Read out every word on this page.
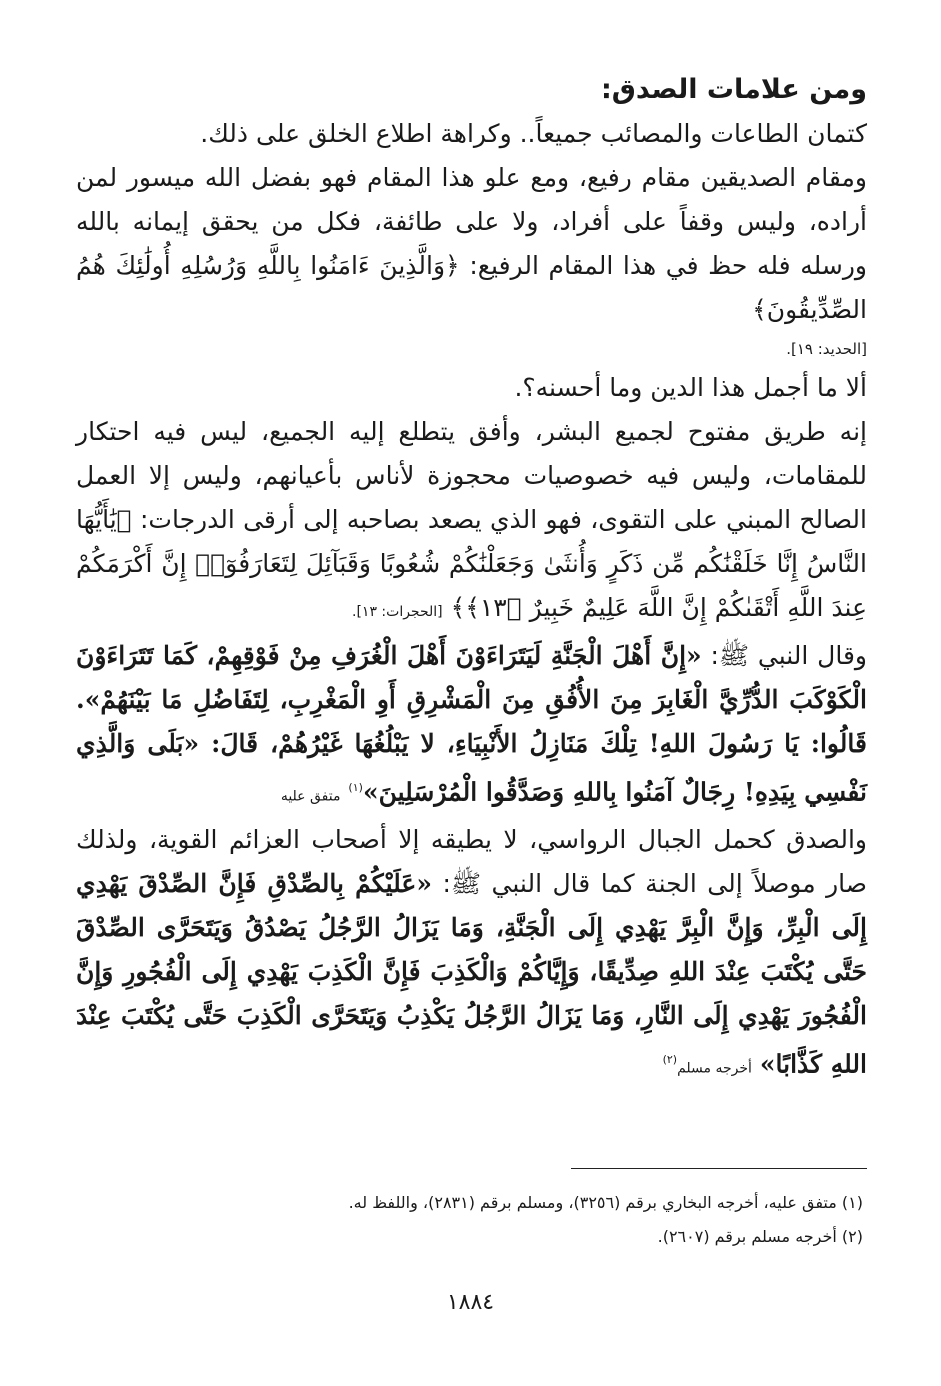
ومن علامات الصدق:

كتمان الطاعات والمصائب جميعاً.. وكراهة اطلاع الخلق على ذلك.

ومقام الصديقين مقام رفيع، ومع علو هذا المقام فهو بفضل الله ميسور لمن أراده، وليس وقفاً على أفراد، ولا على طائفة، فكل من يحقق إيمانه بالله ورسله فله حظ في هذا المقام الرفيع: ﴿وَالَّذِينَ ءَامَنُوا بِاللَّهِ وَرُسُلِهِ أُولَٰئِكَ هُمُ الصِّدِّيقُونَ﴾

[الحديد: ١٩].

ألا ما أجمل هذا الدين وما أحسنه؟.

إنه طريق مفتوح لجميع البشر، وأفق يتطلع إليه الجميع، ليس فيه احتكار للمقامات، وليس فيه خصوصيات محجوزة لأناس بأعيانهم، وليس إلا العمل الصالح المبني على التقوى، فهو الذي يصعد بصاحبه إلى أرقى الدرجات: ﴿يَٰأَيُّهَا النَّاسُ إِنَّا خَلَقْنَٰكُم مِّن ذَكَرٍ وَأُنثَىٰ وَجَعَلْنَٰكُمْ شُعُوبًا وَقَبَآئِلَ لِتَعَارَفُوٓا۟ إِنَّ أَكْرَمَكُمْ عِندَ اللَّهِ أَتْقَىٰكُمْ إِنَّ اللَّهَ عَلِيمٌ خَبِيرٌ ﴿١٣﴾﴾ [الحجرات: ١٣].

وقال النبي ﷺ: «إِنَّ أَهْلَ الْجَنَّةِ لَيَتَرَاءَوْنَ أَهْلَ الْغُرَفِ مِنْ فَوْقِهِمْ، كَمَا تَتَرَاءَوْنَ الْكَوْكَبَ الدُّرِّيَّ الْغَابِرَ مِنَ الأُفُقِ مِنَ الْمَشْرِقِ أَوِ الْمَغْرِبِ، لِتَفَاضُلِ مَا بَيْنَهُمْ». قَالُوا: يَا رَسُولَ اللهِ! تِلْكَ مَنَازِلُ الأَنْبِيَاءِ، لا يَبْلُغُهَا غَيْرُهُمْ، قَالَ: «بَلَى وَالَّذِي نَفْسِي بِيَدِهِ! رِجَالٌ آمَنُوا بِاللهِ وَصَدَّقُوا الْمُرْسَلِينَ»$^{(١)}$ متفق عليه

والصدق كحمل الجبال الرواسي، لا يطيقه إلا أصحاب العزائم القوية، ولذلك صار موصلاً إلى الجنة كما قال النبي ﷺ: «عَلَيْكُمْ بِالصِّدْقِ فَإِنَّ الصِّدْقَ يَهْدِي إِلَى الْبِرِّ، وَإِنَّ الْبِرَّ يَهْدِي إِلَى الْجَنَّةِ، وَمَا يَزَالُ الرَّجُلُ يَصْدُقُ وَيَتَحَرَّى الصِّدْقَ حَتَّى يُكْتَبَ عِنْدَ اللهِ صِدِّيقًا، وَإِيَّاكُمْ وَالْكَذِبَ فَإِنَّ الْكَذِبَ يَهْدِي إِلَى الْفُجُورِ وَإِنَّ الْفُجُورَ يَهْدِي إِلَى النَّارِ، وَمَا يَزَالُ الرَّجُلُ يَكْذِبُ وَيَتَحَرَّى الْكَذِبَ حَتَّى يُكْتَبَ عِنْدَ اللهِ كَذَّابًا» أخرجه مسلم$^{(٢)}$

(١) متفق عليه، أخرجه البخاري برقم (٣٢٥٦)، ومسلم برقم (٢٨٣١)، واللفظ له.

(٢) أخرجه مسلم برقم (٢٦٠٧).

١٨٨٤
